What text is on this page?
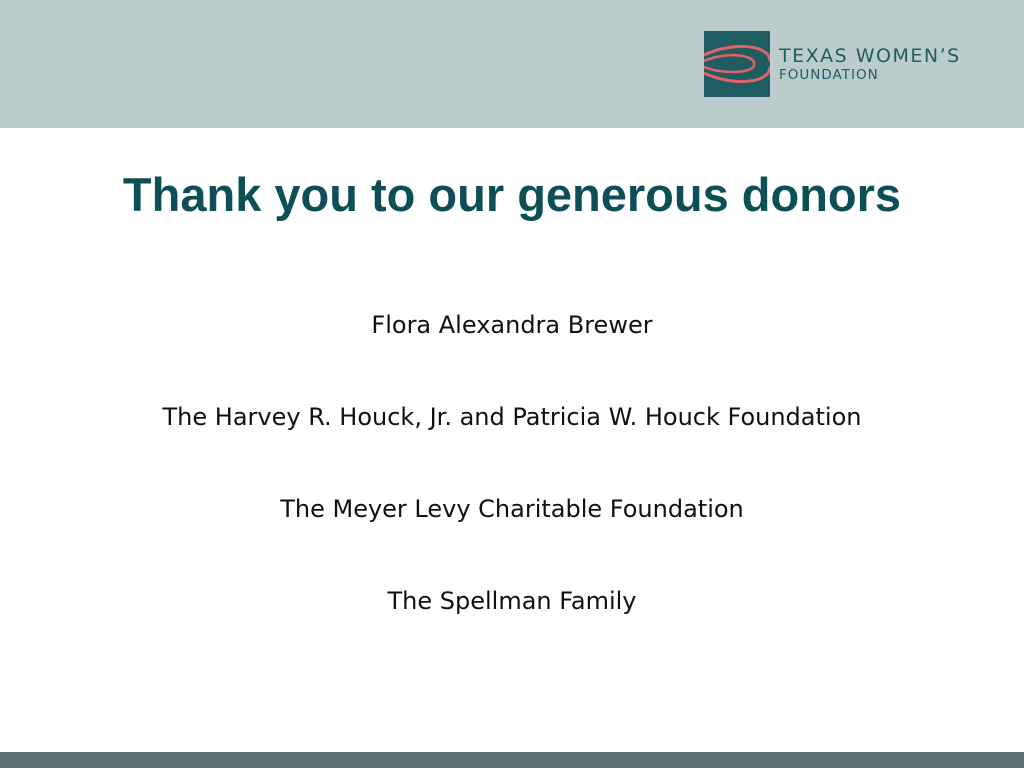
TEXAS WOMEN’S
FOUNDATION
Thank you to our generous donors
Flora Alexandra Brewer
The Harvey R. Houck, Jr. and Patricia W. Houck Foundation
The Meyer Levy Charitable Foundation
The Spellman Family
